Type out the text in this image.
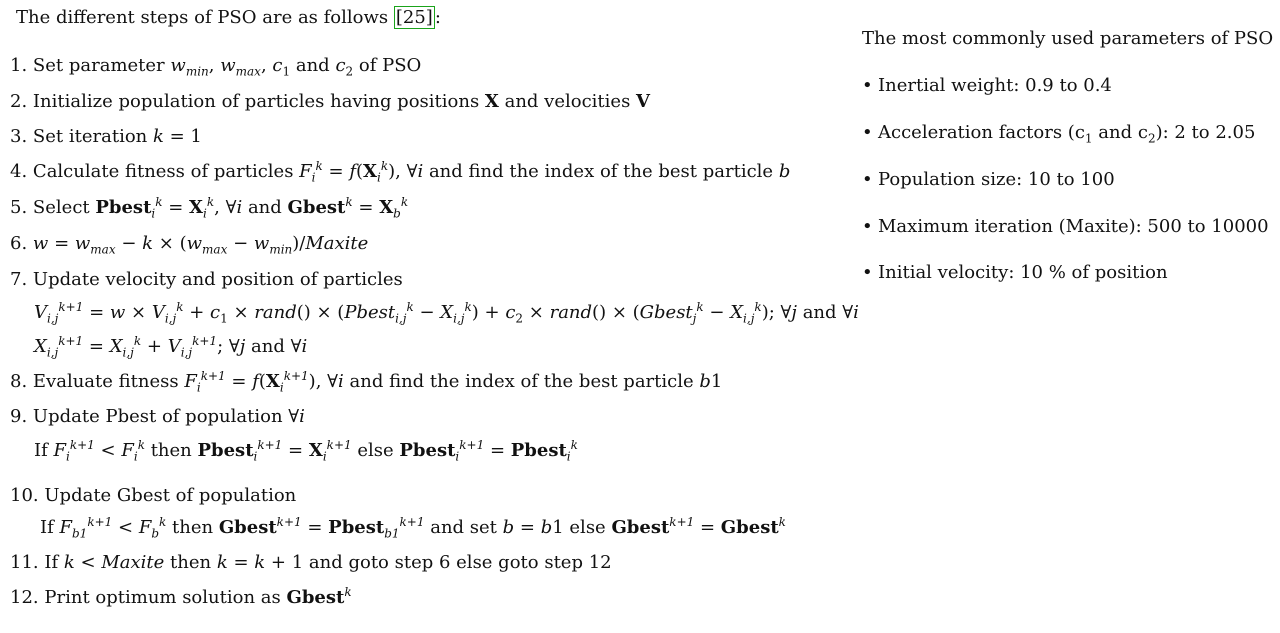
The different steps of PSO are as follows [25] :
1. Set parameter $w_{min}$, $w_{max}$, $c_1$ and $c_2$ of PSO
2. Initialize population of particles having positions X and velocities V
3. Set iteration k = 1
4. Calculate fitness of particles $F_i^k = f(X_i^k)$, ∀i and find the index of the best particle b
5. Select Pbest$_i^k$ = $X_i^k$, ∀i and Gbest$^k$ = $X_b^k$
6. $w = w_{max} - k \times (w_{max}$ − $w_{min}$)/Maxite
7. Update velocity and position of particles
$V_{i,j}^{k+1} = w \times V_{i,j}^k + c_1$ × rand() × (Pbest$_{i,j}^k$ − $X_{i,j}^k) + c_2$ × rand() × (Gbest$_j^k$ − $X_{i,j}^k$); ∀j and ∀i
$X_{i,j}^{k+1} = X_{i,j}^k + V_{i,j}^{k+1}$; ∀j and ∀i
8. Evaluate fitness $F_i^{k+1} = f(X_i^{k+1})$, ∀i and find the index of the best particle b1
9. Update Pbest of population ∀i
If $F_i^{k+1} < F_i^k$ then Pbest$_i^{k+1}$ = $X_i^{k+1}$ else Pbest$_i^{k+1}$ = Pbest$_i^k$
10. Update Gbest of population
If $F_{b1}^{k+1} < F_b^k$ then Gbest$^{k+1}$ = Pbest$_{b1}^{k+1}$ and set b = b1 else Gbest$^{k+1}$ = Gbest$^k$
11. If k < Maxite then k = k + 1 and goto step 6 else goto step 12
12. Print optimum solution as Gbest$^k$
The most commonly used parameters of PSO
• Inertial weight: 0.9 to 0.4
• Acceleration factors ($c_1$ and $c_2$): 2 to 2.05
• Population size: 10 to 100
• Maximum iteration (Maxite): 500 to 10000
• Initial velocity: 10 % of position
